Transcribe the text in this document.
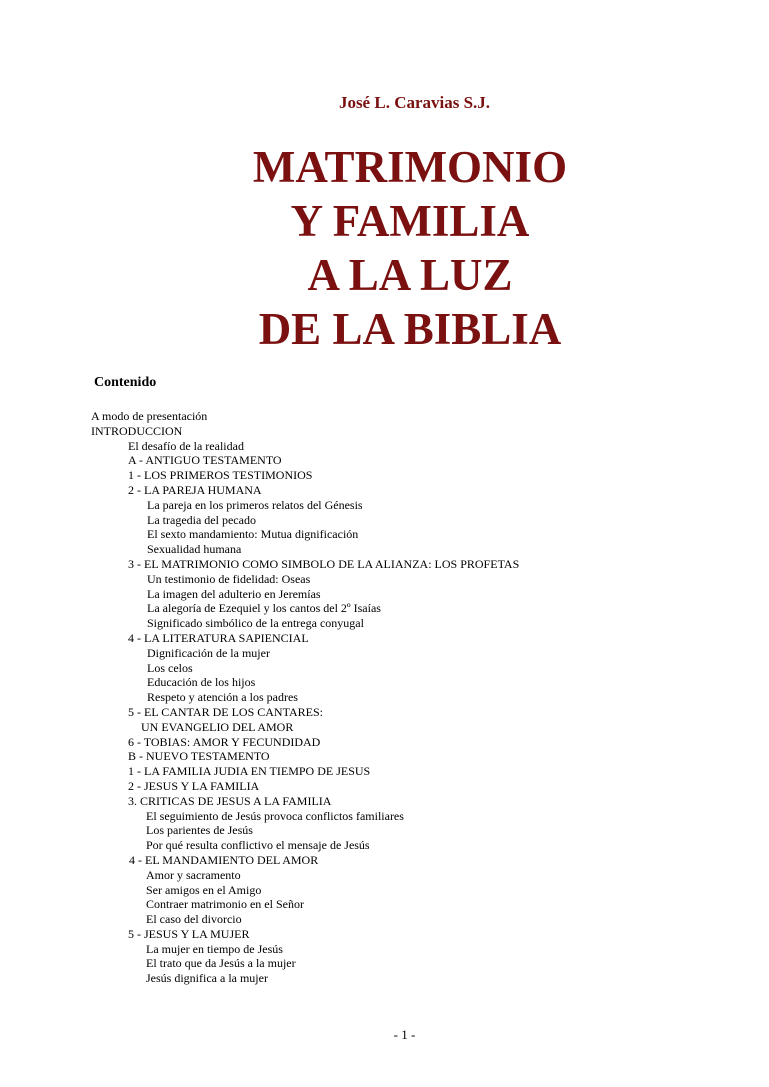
José L. Caravias S.J.
MATRIMONIO
Y FAMILIA
A LA LUZ
DE LA BIBLIA
Contenido
A modo de presentación
INTRODUCCION
El desafío de la realidad
A - ANTIGUO TESTAMENTO
1 - LOS PRIMEROS TESTIMONIOS
2 - LA PAREJA HUMANA
La pareja en los primeros relatos del Génesis
La tragedia del pecado
El sexto mandamiento: Mutua dignificación
Sexualidad humana
3 - EL MATRIMONIO COMO SIMBOLO DE LA ALIANZA: LOS PROFETAS
Un testimonio de fidelidad: Oseas
La imagen del adulterio en Jeremías
La alegoría de Ezequiel y los cantos del 2º Isaías
Significado simbólico de la entrega conyugal
4 - LA LITERATURA SAPIENCIAL
Dignificación de la mujer
Los celos
Educación de los hijos
Respeto y atención a los padres
5 - EL CANTAR DE LOS CANTARES:
UN EVANGELIO DEL AMOR
6 - TOBIAS: AMOR Y FECUNDIDAD
B - NUEVO TESTAMENTO
1 - LA FAMILIA JUDIA EN TIEMPO DE JESUS
2 - JESUS Y LA FAMILIA
3. CRITICAS DE JESUS A LA FAMILIA
El seguimiento de Jesús provoca conflictos familiares
Los parientes de Jesús
Por qué resulta conflictivo el mensaje de Jesús
4 - EL MANDAMIENTO DEL AMOR
Amor y sacramento
Ser amigos en el Amigo
Contraer matrimonio en el Señor
El caso del divorcio
5 - JESUS Y LA MUJER
La mujer en tiempo de Jesús
El trato que da Jesús a la mujer
Jesús dignifica a la mujer
- 1 -
